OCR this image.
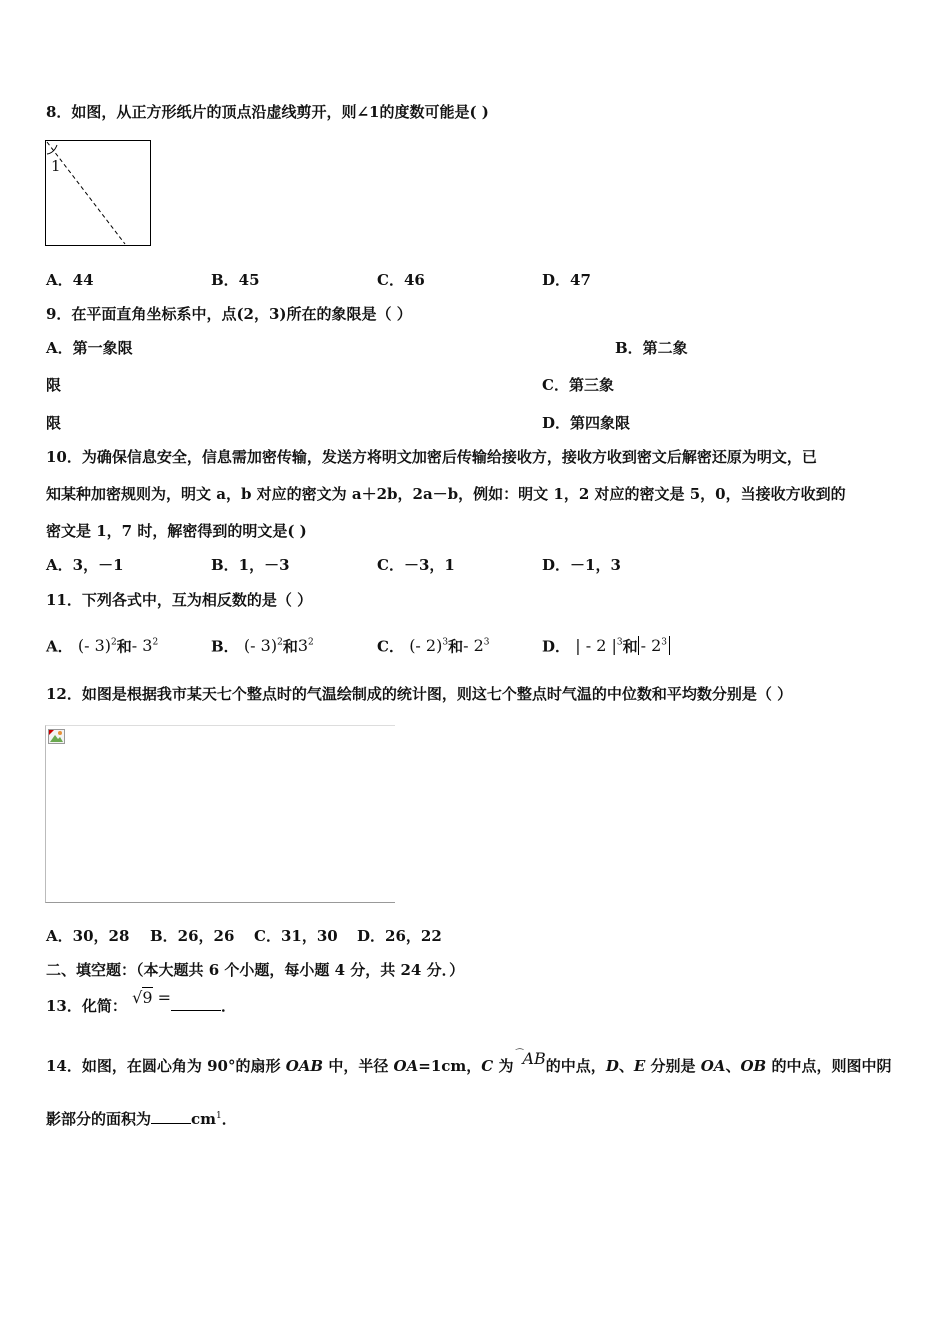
8．如图，从正方形纸片的顶点沿虚线剪开，则∠1的度数可能是( )
1
A．44	B．45	C．46	D．47
9．在平面直角坐标系中，点(2，3)所在的象限是（ ）
A．第一象限	B．第二象
限	C．第三象
限	D．第四象限
10．为确保信息安全，信息需加密传输，发送方将明文加密后传输给接收方，接收方收到密文后解密还原为明文，已
知某种加密规则为，明文 a，b 对应的密文为 a＋2b，2a－b，例如：明文 1，2 对应的密文是 5，0，当接收方收到的
密文是 1，7 时，解密得到的明文是( )
A．3，－1	B．1，－3	C．－3，1	D．－1，3
11．下列各式中，互为相反数的是（ ）
A． (- 3)$^2$和- $3^2$	B． (- 3)$^2$和$3^2$	C． (- 2)$^3$和- $2^3$	D． | - 2 $|^3$和 - $2^3$
12．如图是根据我市某天七个整点时的气温绘制成的统计图，则这七个整点时气温的中位数和平均数分别是（ ）
A．30，28 B．26，26 C．31，30 D．26，22
二、填空题：（本大题共 6 个小题，每小题 4 分，共 24 分．）
13．化简： √9 =	．
14．如图，在圆心角为 90°的扇形 OAB 中，半径 OA=1cm，C 为⌒AB的中点，D、E 分别是 OA、OB 的中点，则图中阴
影部分的面积为	$cm^1$．
